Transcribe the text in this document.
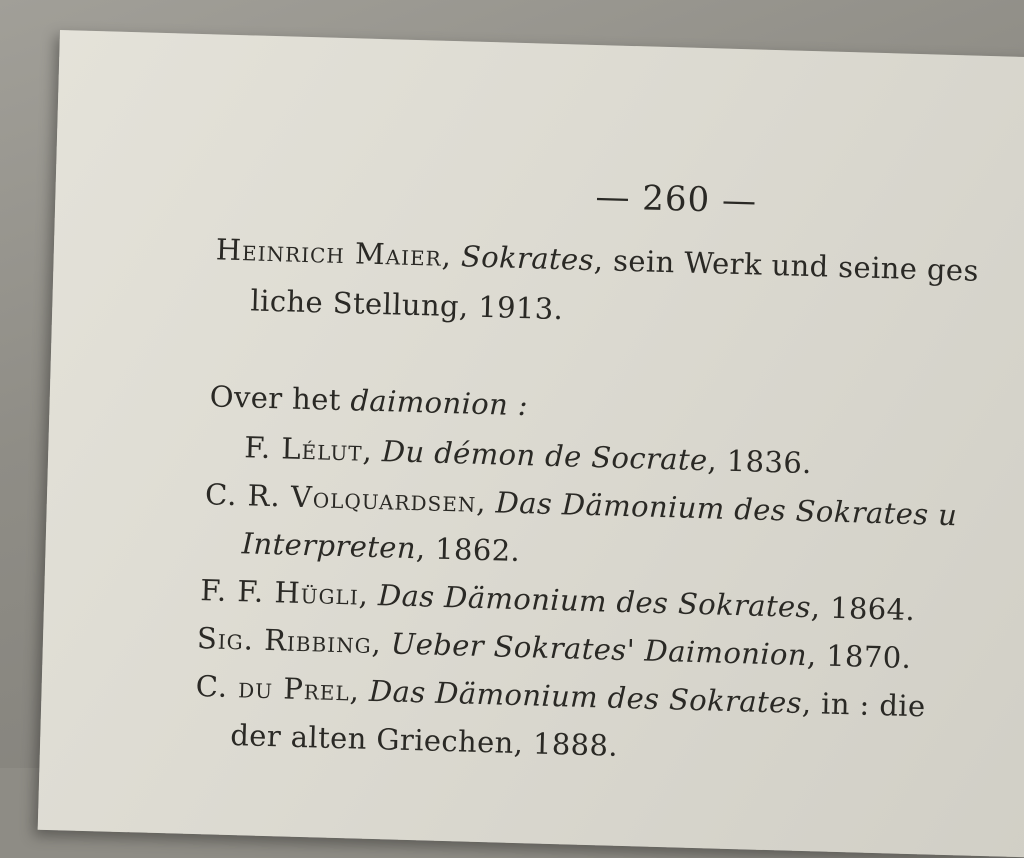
— 260 —
Heinrich Maier, Sokrates, sein Werk und seine ges
liche Stellung, 1913.
Over het daimonion :
F. Lélut, Du démon de Socrate, 1836.
C. R. Volquardsen, Das Dämonium des Sokrates u
Interpreten, 1862.
F. F. Hügli, Das Dämonium des Sokrates, 1864.
Sig. Ribbing, Ueber Sokrates' Daimonion, 1870.
C. du Prel, Das Dämonium des Sokrates, in : die
der alten Griechen, 1888.
